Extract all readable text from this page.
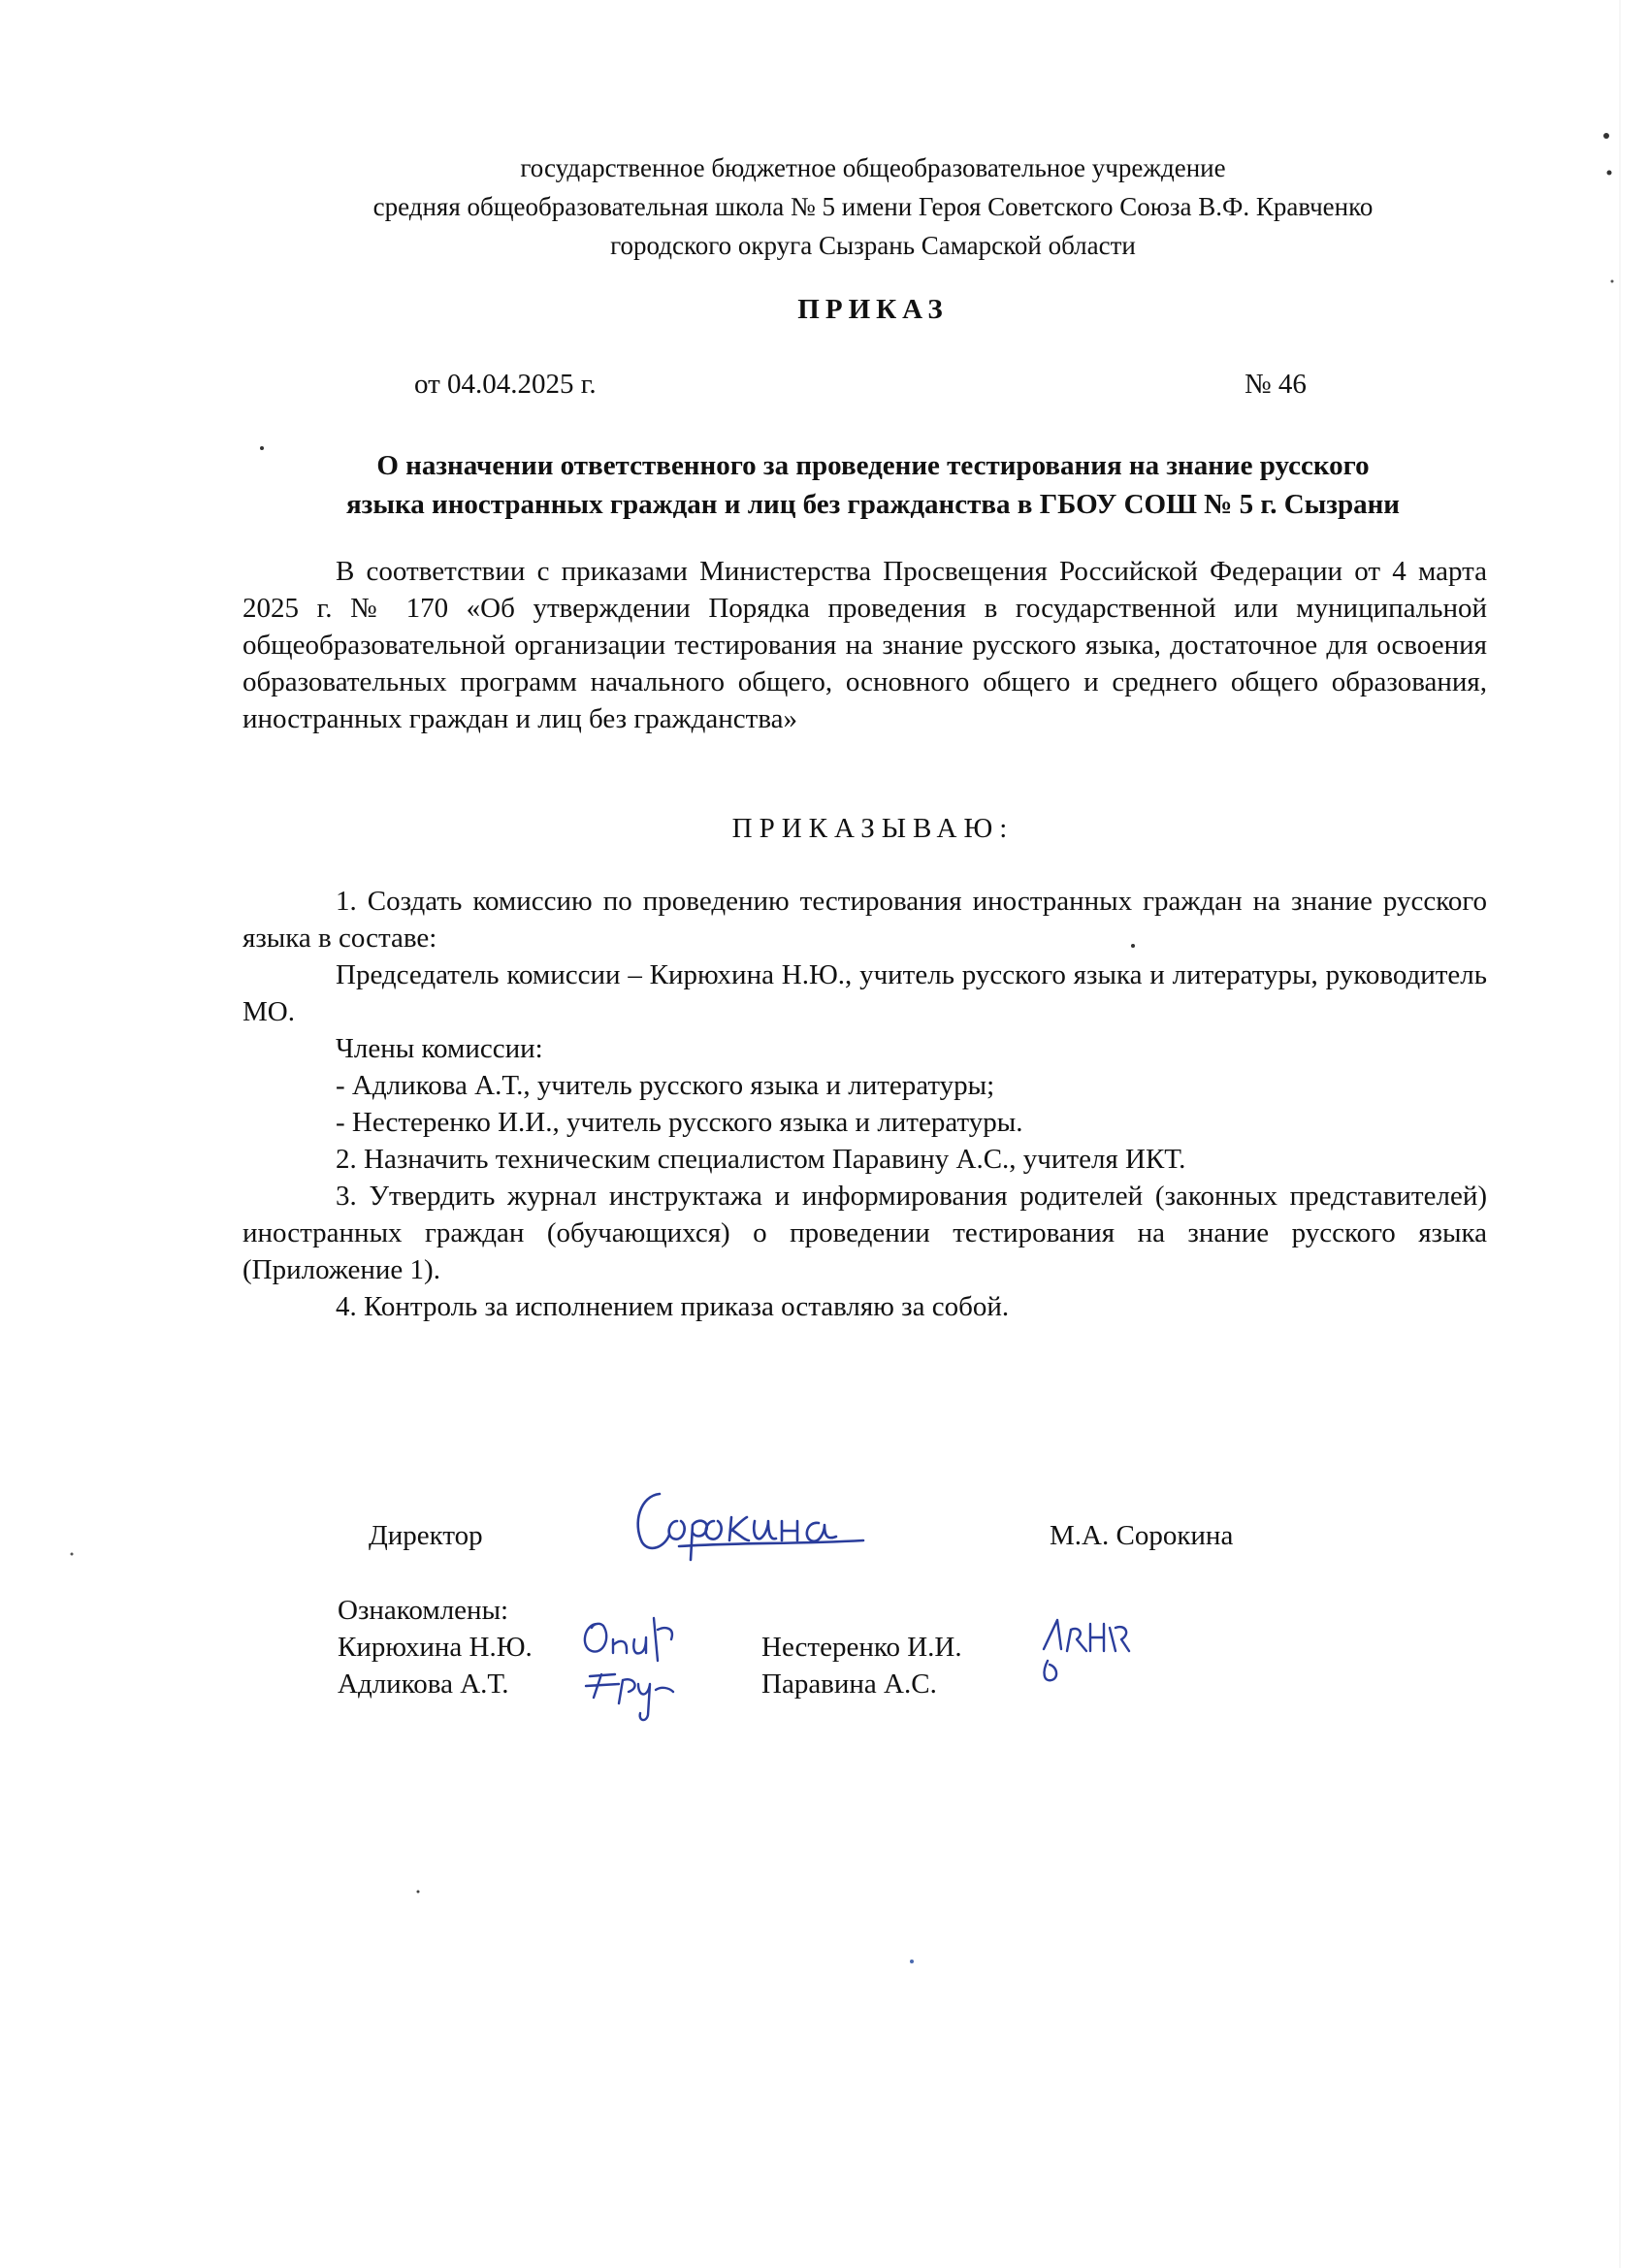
государственное бюджетное общеобразовательное учреждение
средняя общеобразовательная школа № 5 имени Героя Советского Союза В.Ф. Кравченко
городского округа Сызрань Самарской области
ПРИКАЗ
от 04.04.2025 г.	№ 46
О назначении ответственного за проведение тестирования на знание русского
языка иностранных граждан и лиц без гражданства в ГБОУ СОШ № 5 г. Сызрани
В соответствии с приказами Министерства Просвещения Российской Федерации от 4 марта 2025 г. № 170 «Об утверждении Порядка проведения в государственной или муниципальной общеобразовательной организации тестирования на знание русского языка, достаточное для освоения образовательных программ начального общего, основного общего и среднего общего образования, иностранных граждан и лиц без гражданства»
ПРИКАЗЫВАЮ:

1. Создать комиссию по проведению тестирования иностранных граждан на знание русского языка в составе:

Председатель комиссии – Кирюхина Н.Ю., учитель русского языка и литературы, руководитель МО.

Члены комиссии:

- Адликова А.Т., учитель русского языка и литературы;

- Нестеренко И.И., учитель русского языка и литературы.

2. Назначить техническим специалистом Паравину А.С., учителя ИКТ.

3. Утвердить журнал инструктажа и информирования родителей (законных представителей) иностранных граждан (обучающихся) о проведении тестирования на знание русского языка (Приложение 1).

4. Контроль за исполнением приказа оставляю за собой.

Директор	М.А. Сорокина
Ознакомлены:
Кирюхина Н.Ю.
Адликова А.Т.
Нестеренко И.И.
Паравина А.С.
